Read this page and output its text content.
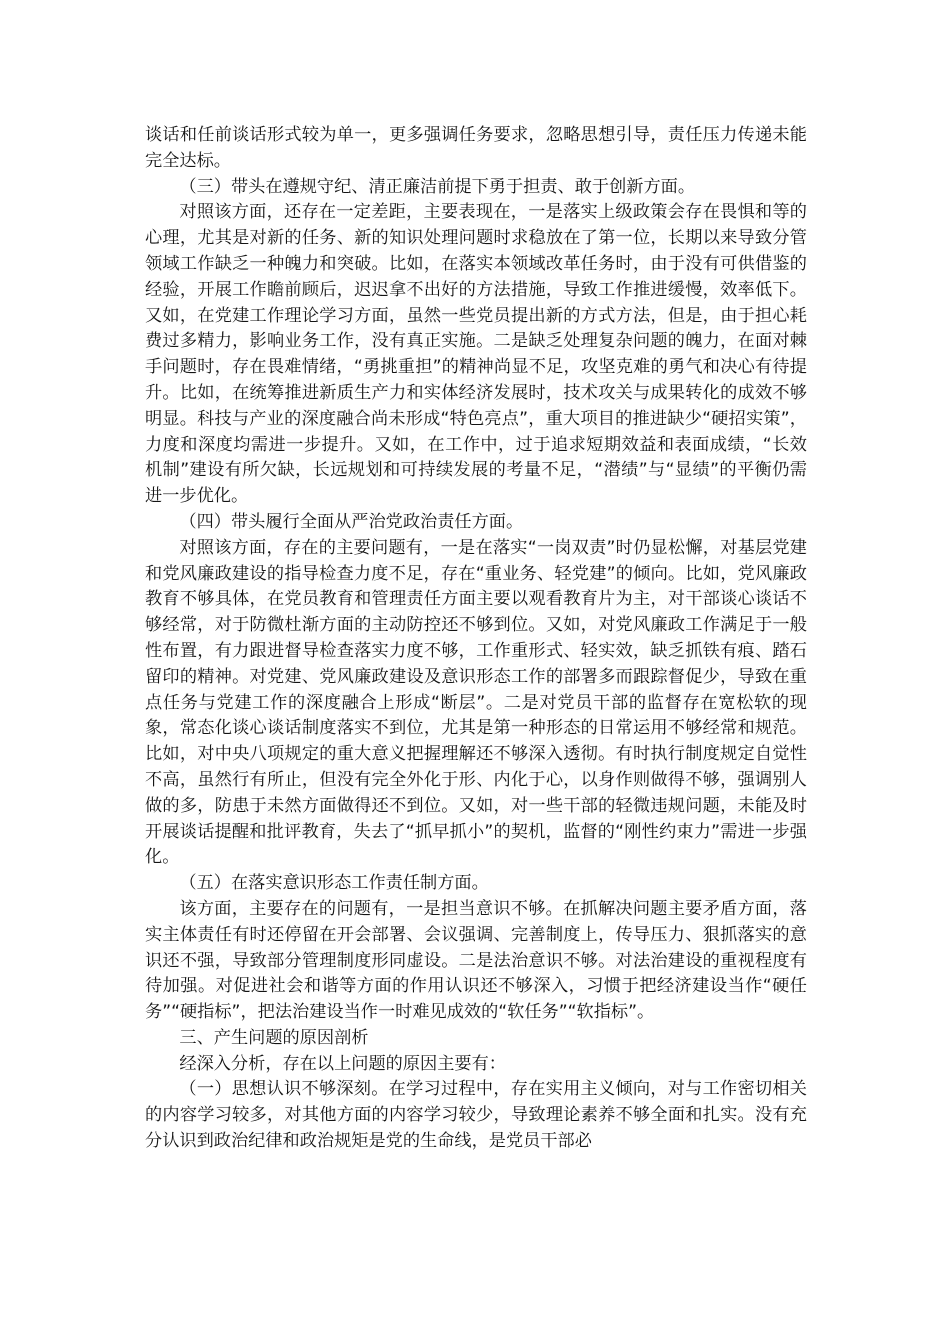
谈话和任前谈话形式较为单一，更多强调任务要求，忽略思想引导，责任压力传递未能完全达标。

（三）带头在遵规守纪、清正廉洁前提下勇于担责、敢于创新方面。

对照该方面，还存在一定差距，主要表现在，一是落实上级政策会存在畏惧和等的心理，尤其是对新的任务、新的知识处理问题时求稳放在了第一位，长期以来导致分管领域工作缺乏一种魄力和突破。比如，在落实本领域改革任务时，由于没有可供借鉴的经验，开展工作瞻前顾后，迟迟拿不出好的方法措施，导致工作推进缓慢，效率低下。又如，在党建工作理论学习方面，虽然一些党员提出新的方式方法，但是，由于担心耗费过多精力，影响业务工作，没有真正实施。二是缺乏处理复杂问题的魄力，在面对棘手问题时，存在畏难情绪，“勇挑重担”的精神尚显不足，攻坚克难的勇气和决心有待提升。比如，在统筹推进新质生产力和实体经济发展时，技术攻关与成果转化的成效不够明显。科技与产业的深度融合尚未形成“特色亮点”，重大项目的推进缺少“硬招实策”，力度和深度均需进一步提升。又如，在工作中，过于追求短期效益和表面成绩，“长效机制”建设有所欠缺，长远规划和可持续发展的考量不足，“潜绩”与“显绩”的平衡仍需进一步优化。

（四）带头履行全面从严治党政治责任方面。

对照该方面，存在的主要问题有，一是在落实“一岗双责”时仍显松懈，对基层党建和党风廉政建设的指导检查力度不足，存在“重业务、轻党建”的倾向。比如，党风廉政教育不够具体，在党员教育和管理责任方面主要以观看教育片为主，对干部谈心谈话不够经常，对于防微杜渐方面的主动防控还不够到位。又如，对党风廉政工作满足于一般性布置，有力跟进督导检查落实力度不够，工作重形式、轻实效，缺乏抓铁有痕、踏石留印的精神。对党建、党风廉政建设及意识形态工作的部署多而跟踪督促少，导致在重点任务与党建工作的深度融合上形成“断层”。二是对党员干部的监督存在宽松软的现象，常态化谈心谈话制度落实不到位，尤其是第一种形态的日常运用不够经常和规范。比如，对中央八项规定的重大意义把握理解还不够深入透彻。有时执行制度规定自觉性不高，虽然行有所止，但没有完全外化于形、内化于心，以身作则做得不够，强调别人做的多，防患于未然方面做得还不到位。又如，对一些干部的轻微违规问题，未能及时开展谈话提醒和批评教育，失去了“抓早抓小”的契机，监督的“刚性约束力”需进一步强化。

（五）在落实意识形态工作责任制方面。

该方面，主要存在的问题有，一是担当意识不够。在抓解决问题主要矛盾方面，落实主体责任有时还停留在开会部署、会议强调、完善制度上，传导压力、狠抓落实的意识还不强，导致部分管理制度形同虚设。二是法治意识不够。对法治建设的重视程度有待加强。对促进社会和谐等方面的作用认识还不够深入，习惯于把经济建设当作“硬任务”“硬指标”，把法治建设当作一时难见成效的“软任务”“软指标”。

三、产生问题的原因剖析

经深入分析，存在以上问题的原因主要有：

（一）思想认识不够深刻。在学习过程中，存在实用主义倾向，对与工作密切相关的内容学习较多，对其他方面的内容学习较少，导致理论素养不够全面和扎实。没有充分认识到政治纪律和政治规矩是党的生命线，是党员干部必
